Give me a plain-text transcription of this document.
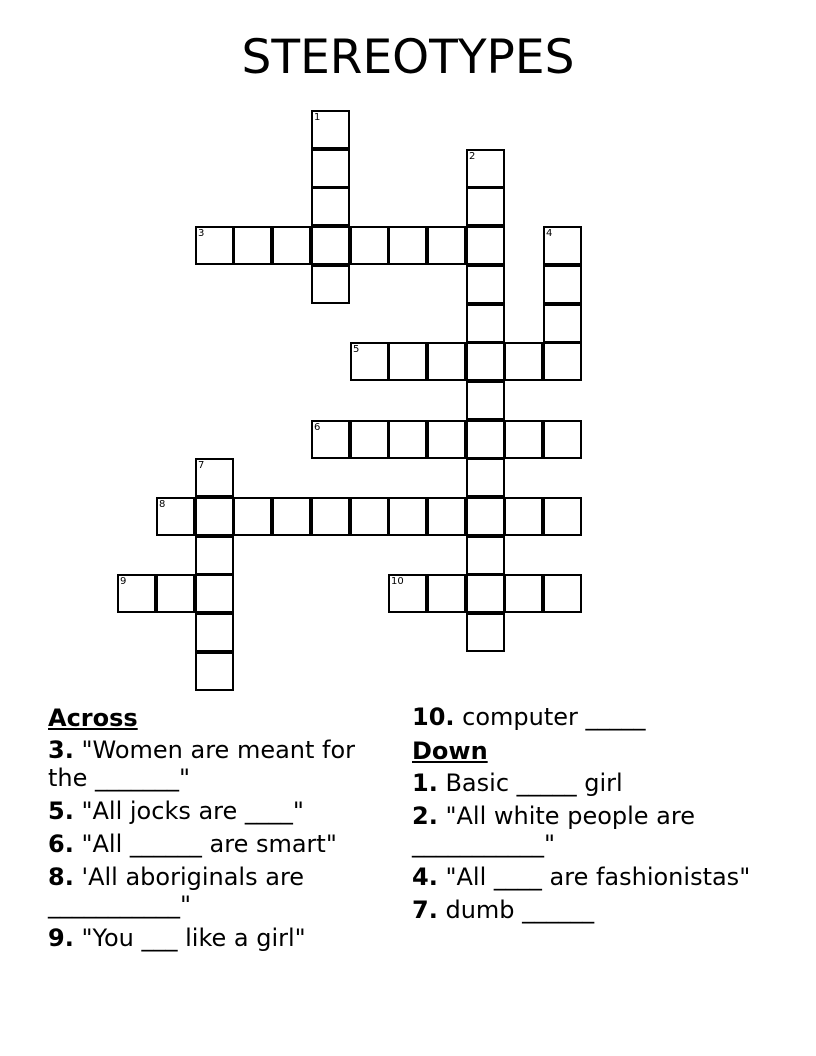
STEREOTYPES
1
2
3	4
5
6
7
8
9	10
Across
3. "Women are meant for the _______"
5. "All jocks are ____"
6. "All ______ are smart"
8. 'All aboriginals are ___________"
9. "You ___ like a girl"
10. computer _____
Down
1. Basic _____ girl
2. "All white people are ___________"
4. "All ____ are fashionistas"
7. dumb ______
